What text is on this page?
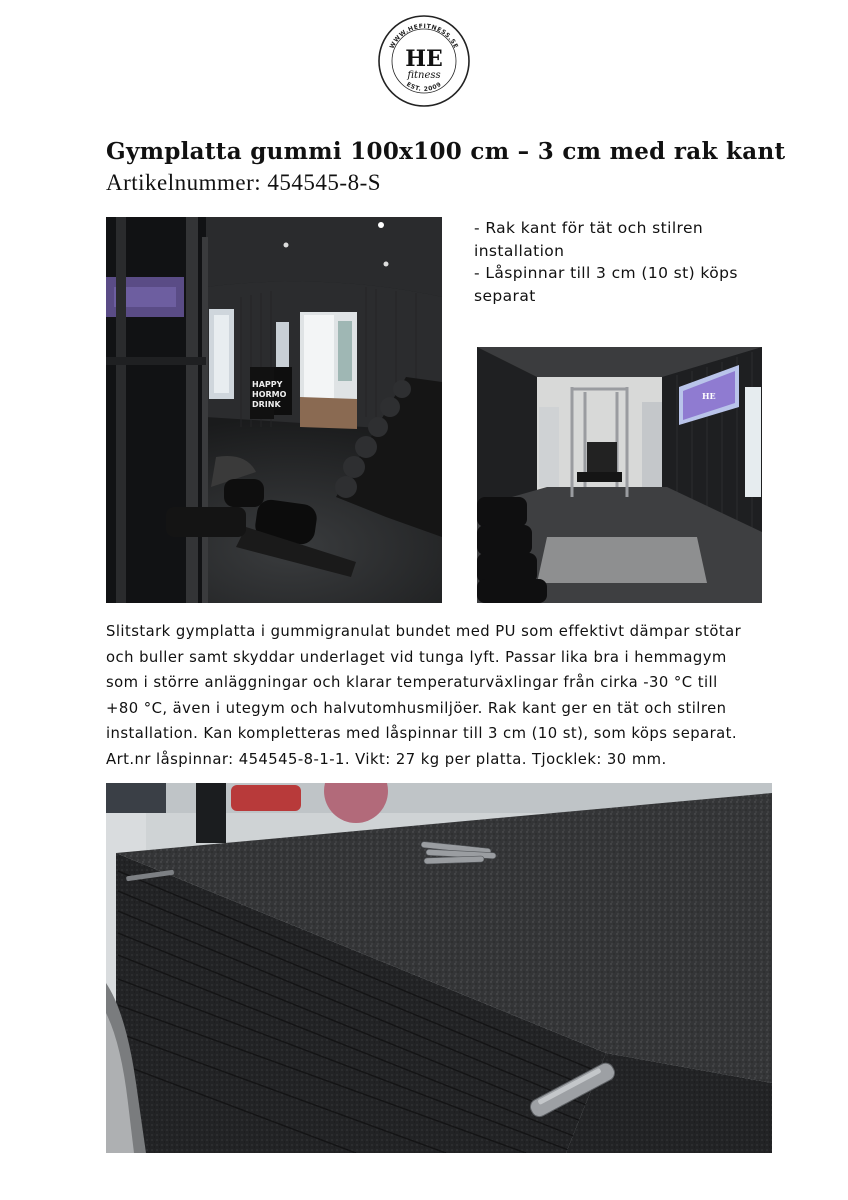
WWW.HEFITNESS.SE
EST. 2009
HE
fitness
Gymplatta gummi 100x100 cm – 3 cm med rak kant
Artikelnummer: 454545-8-S
HAPPY
HORMO
DRINK

- Rak kant för tät och stilren installation

- Låspinnar till 3 cm (10 st) köps separat

HE

Slitstark gymplatta i gummigranulat bundet med PU som effektivt dämpar stötar

och buller samt skyddar underlaget vid tunga lyft. Passar lika bra i hemmagym

som i större anläggningar och klarar temperaturväxlingar från cirka -30 °C till

+80 °C, även i utegym och halvutomhusmiljöer. Rak kant ger en tät och stilren

installation. Kan kompletteras med låspinnar till 3 cm (10 st), som köps separat.

Art.nr låspinnar: 454545-8-1-1. Vikt: 27 kg per platta. Tjocklek: 30 mm.
